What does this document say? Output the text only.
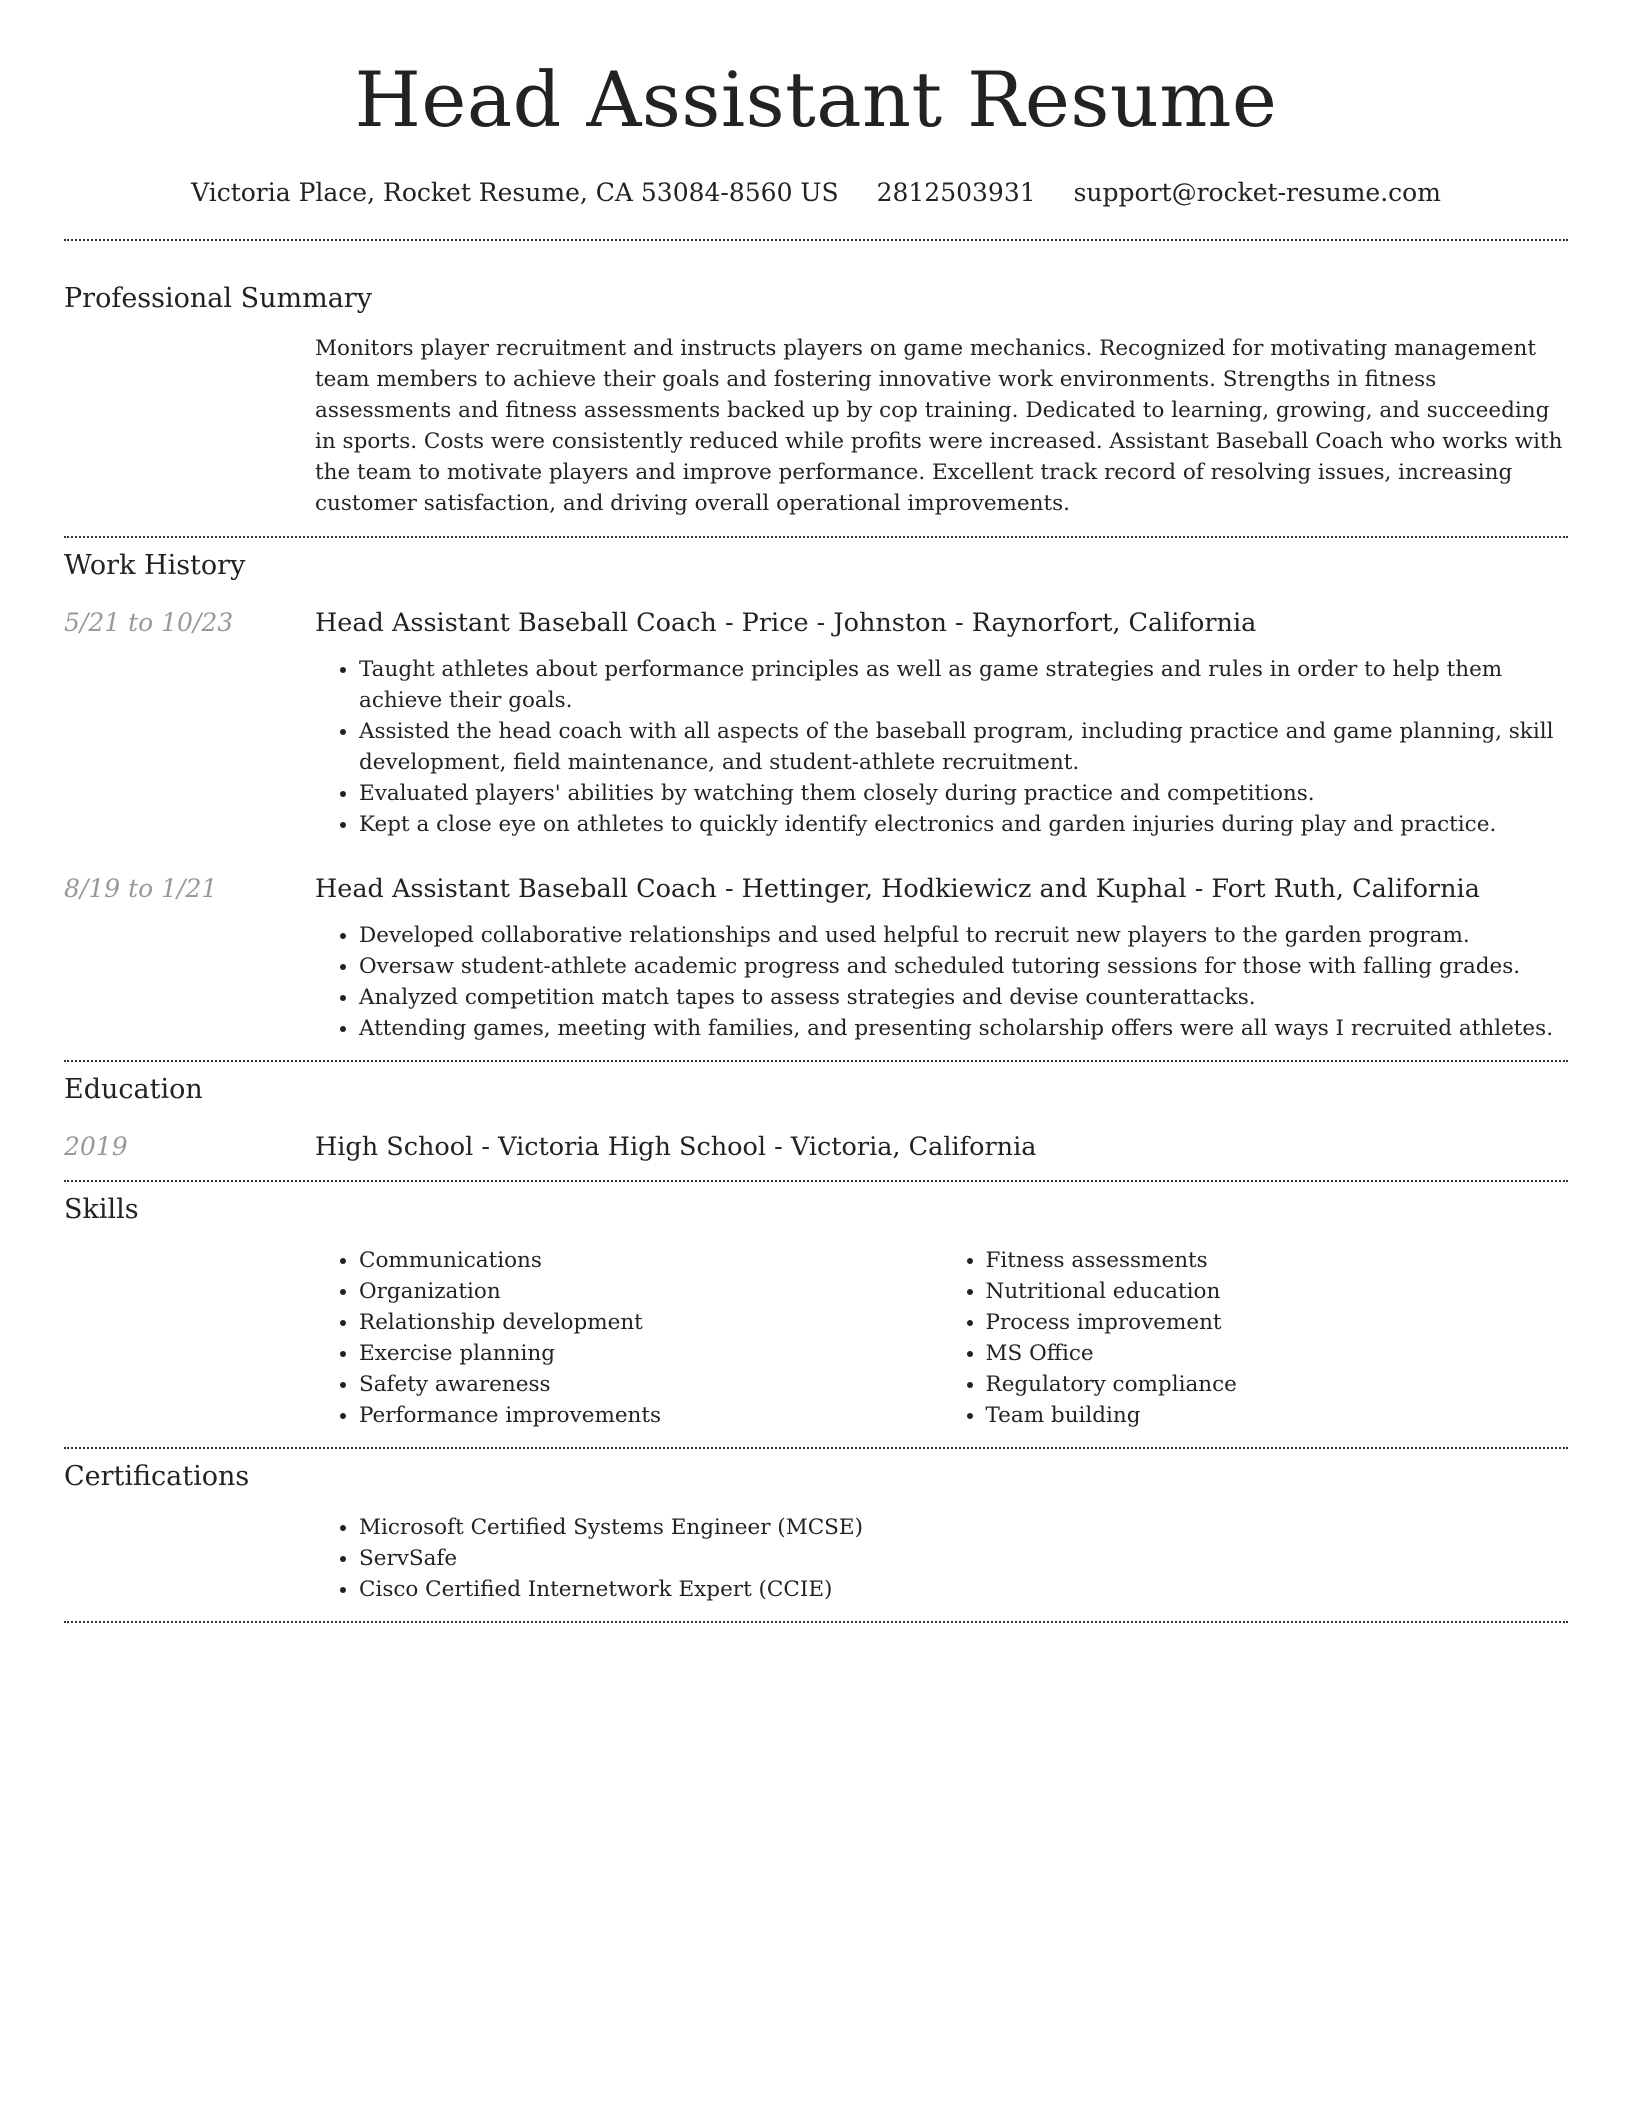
Head Assistant Resume
Victoria Place, Rocket Resume, CA 53084-8560 US 2812503931 support@rocket-resume.com
Professional Summary

Monitors player recruitment and instructs players on game mechanics. Recognized for motivating management team members to achieve their goals and fostering innovative work environments. Strengths in fitness assessments and fitness assessments backed up by cop training. Dedicated to learning, growing, and succeeding in sports. Costs were consistently reduced while profits were increased. Assistant Baseball Coach who works with the team to motivate players and improve performance. Excellent track record of resolving issues, increasing customer satisfaction, and driving overall operational improvements.

Work History
5/21 to 10/23	Head Assistant Baseball Coach - Price - Johnston - Raynorfort, California
• Taught athletes about performance principles as well as game strategies and rules in order to help them achieve their goals.
• Assisted the head coach with all aspects of the baseball program, including practice and game planning, skill development, field maintenance, and student-athlete recruitment.
• Evaluated players' abilities by watching them closely during practice and competitions.
• Kept a close eye on athletes to quickly identify electronics and garden injuries during play and practice.
8/19 to 1/21	Head Assistant Baseball Coach - Hettinger, Hodkiewicz and Kuphal - Fort Ruth, California
• Developed collaborative relationships and used helpful to recruit new players to the garden program.
• Oversaw student-athlete academic progress and scheduled tutoring sessions for those with falling grades.
• Analyzed competition match tapes to assess strategies and devise counterattacks.
• Attending games, meeting with families, and presenting scholarship offers were all ways I recruited athletes.
Education
2019	High School - Victoria High School - Victoria, California
Skills
• Communications
• Organization
• Relationship development
• Exercise planning
• Safety awareness
• Performance improvements
• Fitness assessments
• Nutritional education
• Process improvement
• MS Office
• Regulatory compliance
• Team building
Certifications
• Microsoft Certified Systems Engineer (MCSE)
• ServSafe
• Cisco Certified Internetwork Expert (CCIE)
